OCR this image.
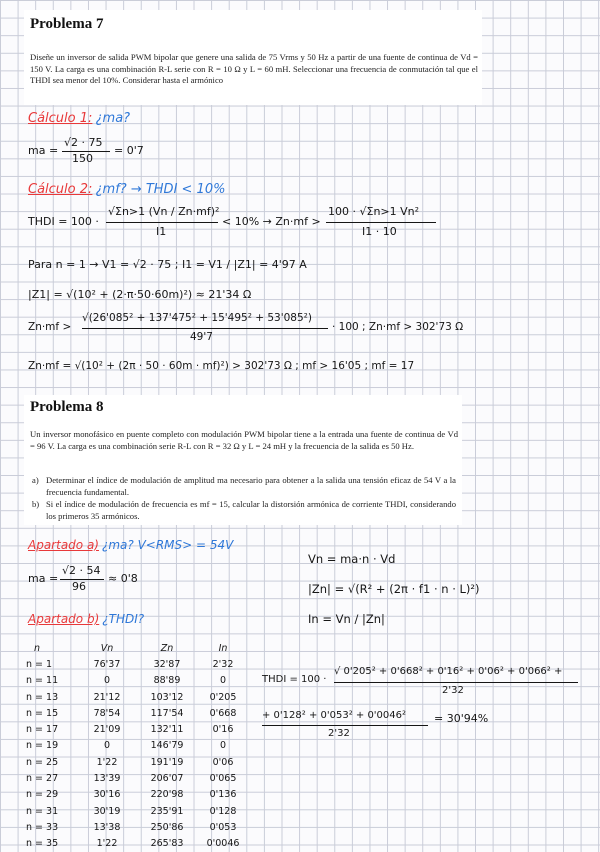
Problema 7
Diseñe un inversor de salida PWM bipolar que genere una salida de 75 Vrms y 50 Hz a partir de una fuente de continua de Vd = 150 V. La carga es una combinación R-L serie con R = 10 Ω y L = 60 mH. Seleccionar una frecuencia de conmutación tal que el THDI sea menor del 10%. Considerar hasta el armónico
Cálculo 1: ¿ma?
ma =
√2 · 75
150
= 0'7
Cálculo 2: ¿mf? → THDI < 10%
THDI = 100 ·
√Σn>1 (Vn / Zn·mf)²
I1
< 10% → Zn·mf >
100 · √Σn>1 Vn²
I1 · 10
Para n = 1 → V1 = √2 · 75 ; I1 = V1 / |Z1| = 4'97 A
|Z1| = √(10² + (2·π·50·60m)²) ≈ 21'34 Ω
Zn·mf >
√(26'085² + 137'475² + 15'495² + 53'085²)
49'7
· 100 ; Zn·mf > 302'73 Ω
Zn·mf = √(10² + (2π · 50 · 60m · mf)²) > 302'73 Ω ; mf > 16'05 ; mf = 17
Problema 8
Un inversor monofásico en puente completo con modulación PWM bipolar tiene a la entrada una fuente de continua de Vd = 96 V. La carga es una combinación serie R-L con R = 32 Ω y L = 24 mH y la frecuencia de la salida es 50 Hz.
a) Determinar el índice de modulación de amplitud ma necesario para obtener a la salida una tensión eficaz de 54 V a la frecuencia fundamental.
b) Si el índice de modulación de frecuencia es mf = 15, calcular la distorsión armónica de corriente THDI, considerando los primeros 35 armónicos.
Apartado a) ¿ma? V<RMS> = 54V
ma =
√2 · 54
96
≈ 0'8
Vn = ma·n · Vd
|Zn| = √(R² + (2π · f1 · n · L)²)
In = Vn / |Zn|
Apartado b) ¿THDI?
n	Vn	Zn	In
n = 1	76'37	32'87	2'32
n = 11	0	88'89	0
n = 13	21'12	103'12	0'205
n = 15	78'54	117'54	0'668
n = 17	21'09	132'11	0'16
n = 19	0	146'79	0
n = 25	1'22	191'19	0'06
n = 27	13'39	206'07	0'065
n = 29	30'16	220'98	0'136
n = 31	30'19	235'91	0'128
n = 33	13'38	250'86	0'053
n = 35	1'22	265'83	0'0046
THDI = 100 ·
√ 0'205² + 0'668² + 0'16² + 0'06² + 0'066² +
2'32
+ 0'128² + 0'053² + 0'0046²
2'32
= 30'94%
